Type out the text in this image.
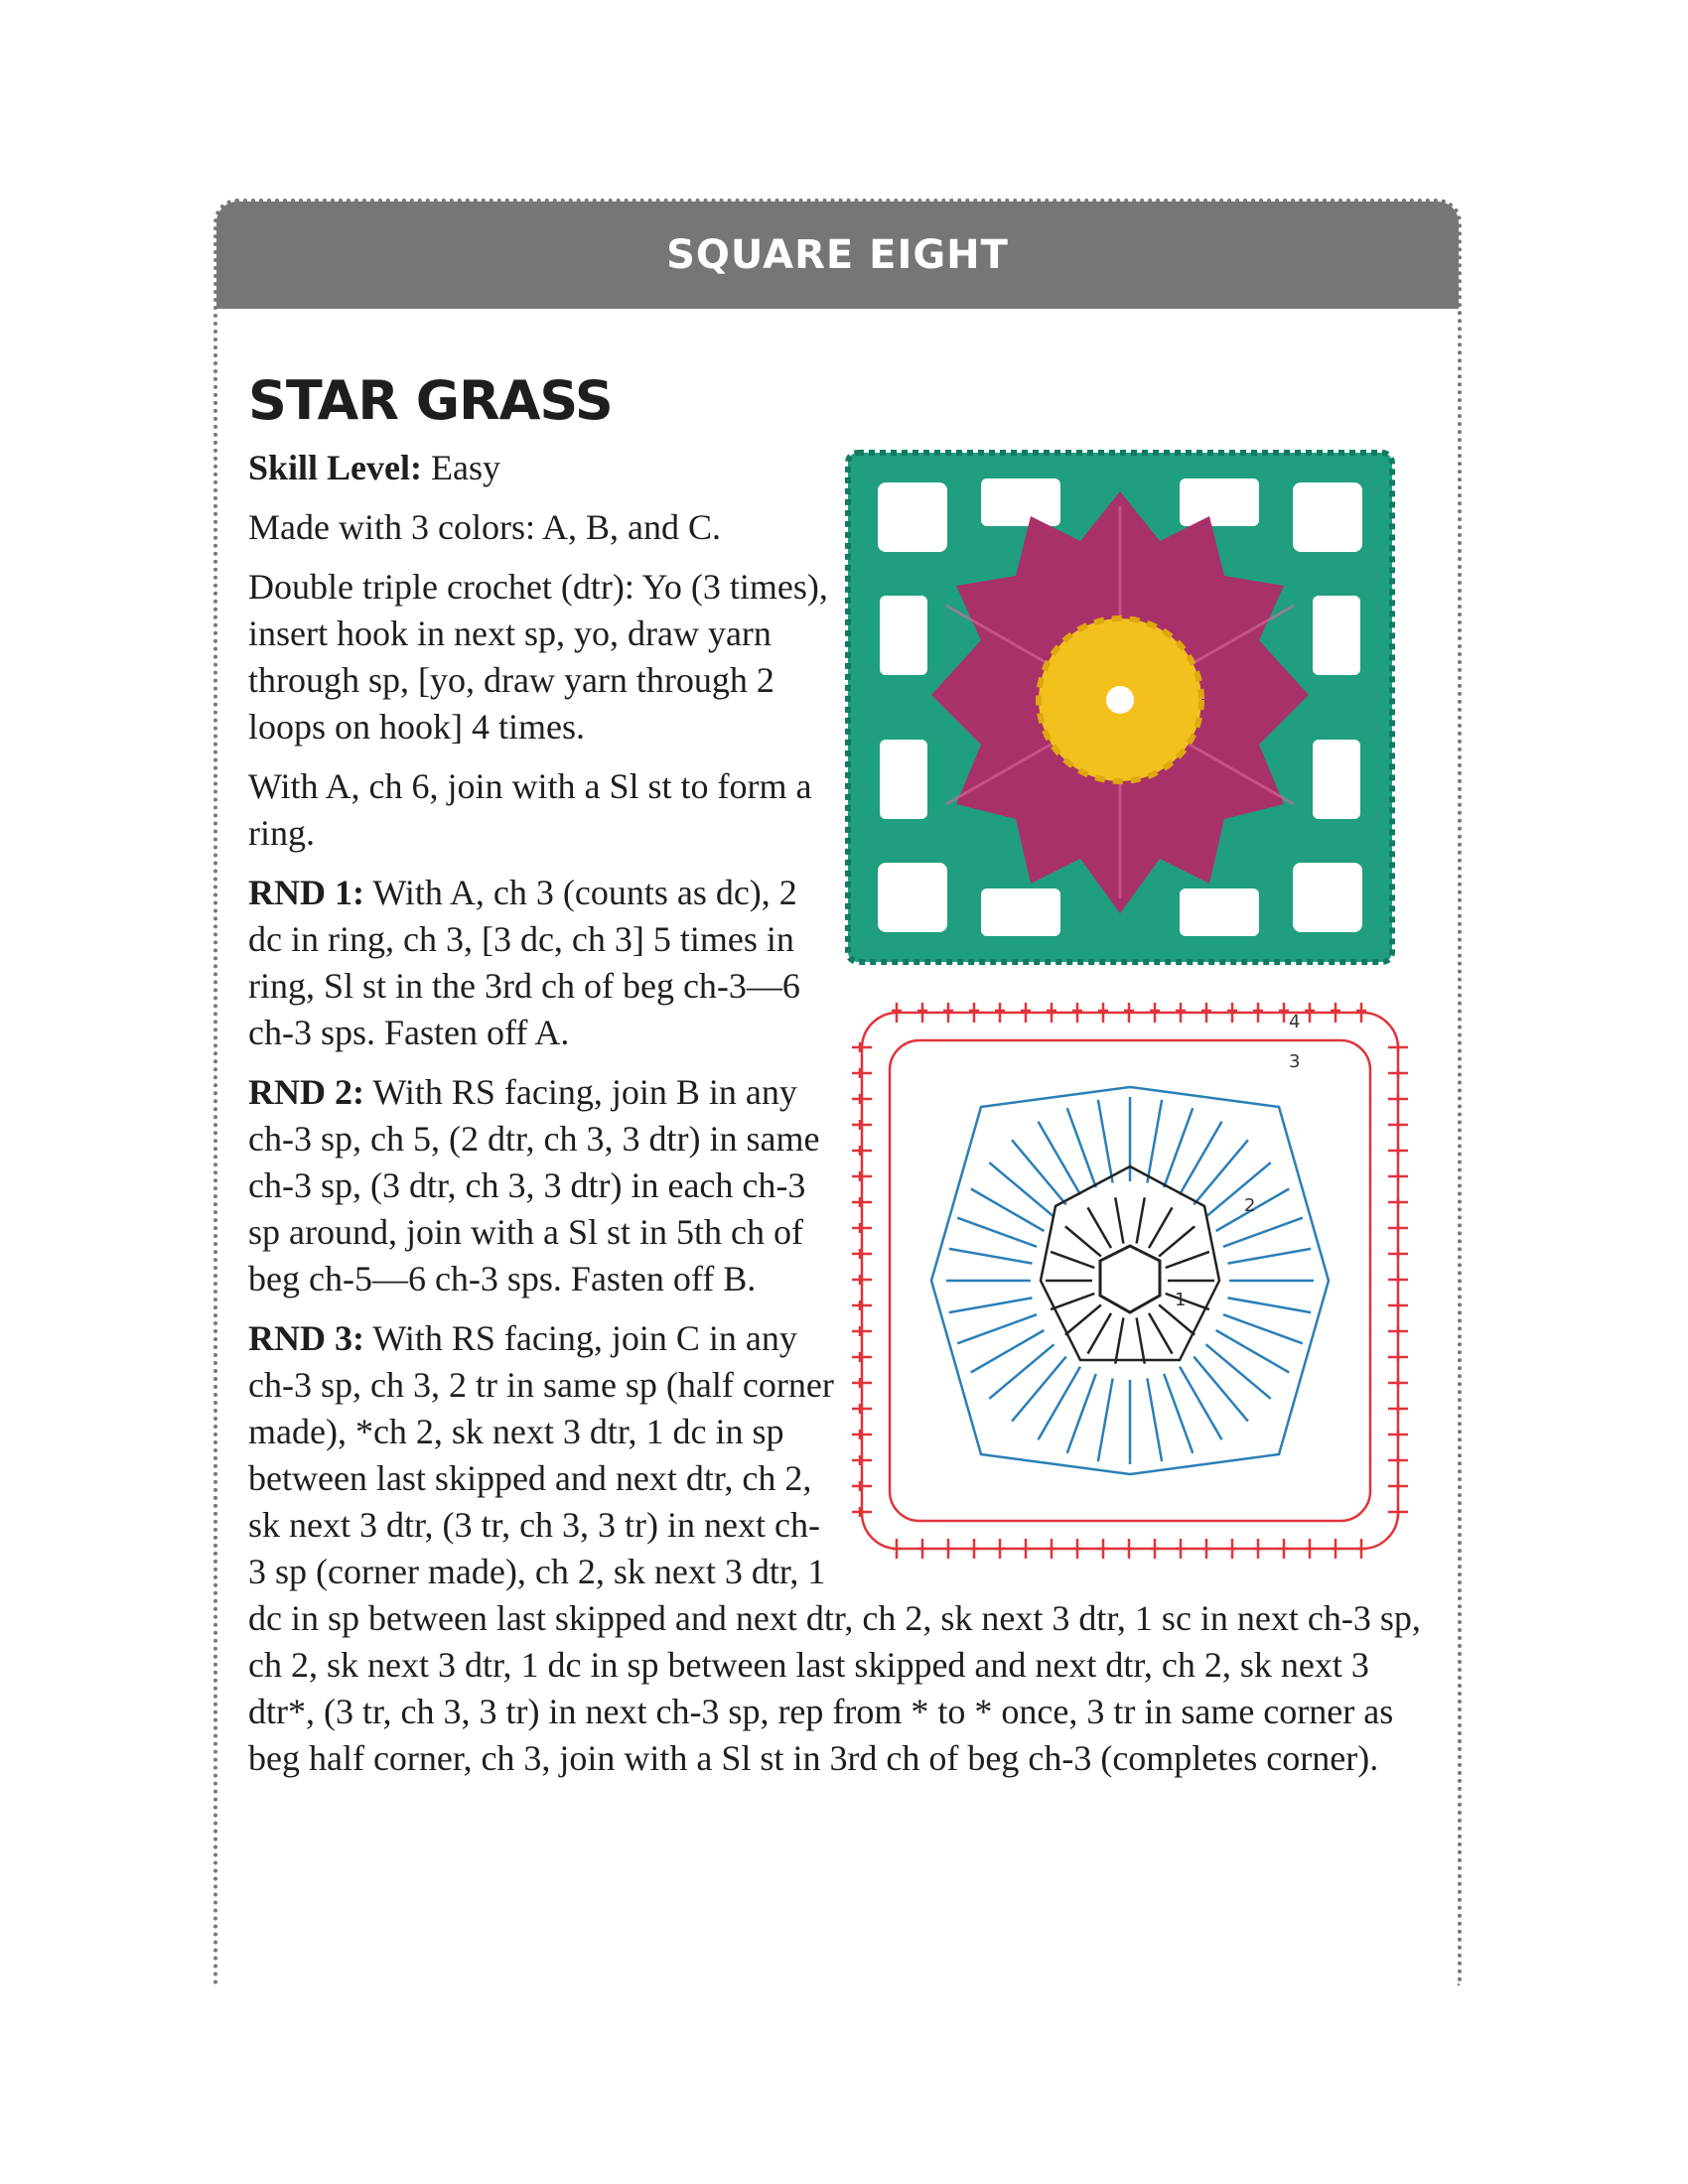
SQUARE EIGHT
STAR GRASS

Skill Level: Easy

Made with 3 colors: A, B, and C.

Double triple crochet (dtr): Yo (3 times), insert hook in next sp, yo, draw yarn through sp, [yo, draw yarn through 2 loops on hook] 4 times.

With A, ch 6, join with a Sl st to form a ring.

RND 1: With A, ch 3 (counts as dc), 2 dc in ring, ch 3, [3 dc, ch 3] 5 times in ring, Sl st in the 3rd ch of beg ch-3—6 ch-3 sps. Fasten off A.

RND 2: With RS facing, join B in any ch-3 sp, ch 5, (2 dtr, ch 3, 3 dtr) in same ch-3 sp, (3 dtr, ch 3, 3 dtr) in each ch-3 sp around, join with a Sl st in 5th ch of beg ch-5—6 ch-3 sps. Fasten off B.

RND 3: With RS facing, join C in any ch-3 sp, ch 3, 2 tr in same sp (half corner made), *ch 2, sk next 3 dtr, 1 dc in sp between last skipped and next dtr, ch 2, sk next 3 dtr, (3 tr, ch 3, 3 tr) in next ch-3 sp (corner made), ch 2, sk next 3 dtr, 1 dc in sp between last skipped and next dtr, ch 2, sk next 3 dtr, 1 sc in next ch-3 sp, ch 2, sk next 3 dtr, 1 dc in sp between last skipped and next dtr, ch 2, sk next 3 dtr*, (3 tr, ch 3, 3 tr) in next ch-3 sp, rep from * to * once, 3 tr in same corner as beg half corner, ch 3, join with a Sl st in 3rd ch of beg ch-3 (completes corner).

1
2
3
4
